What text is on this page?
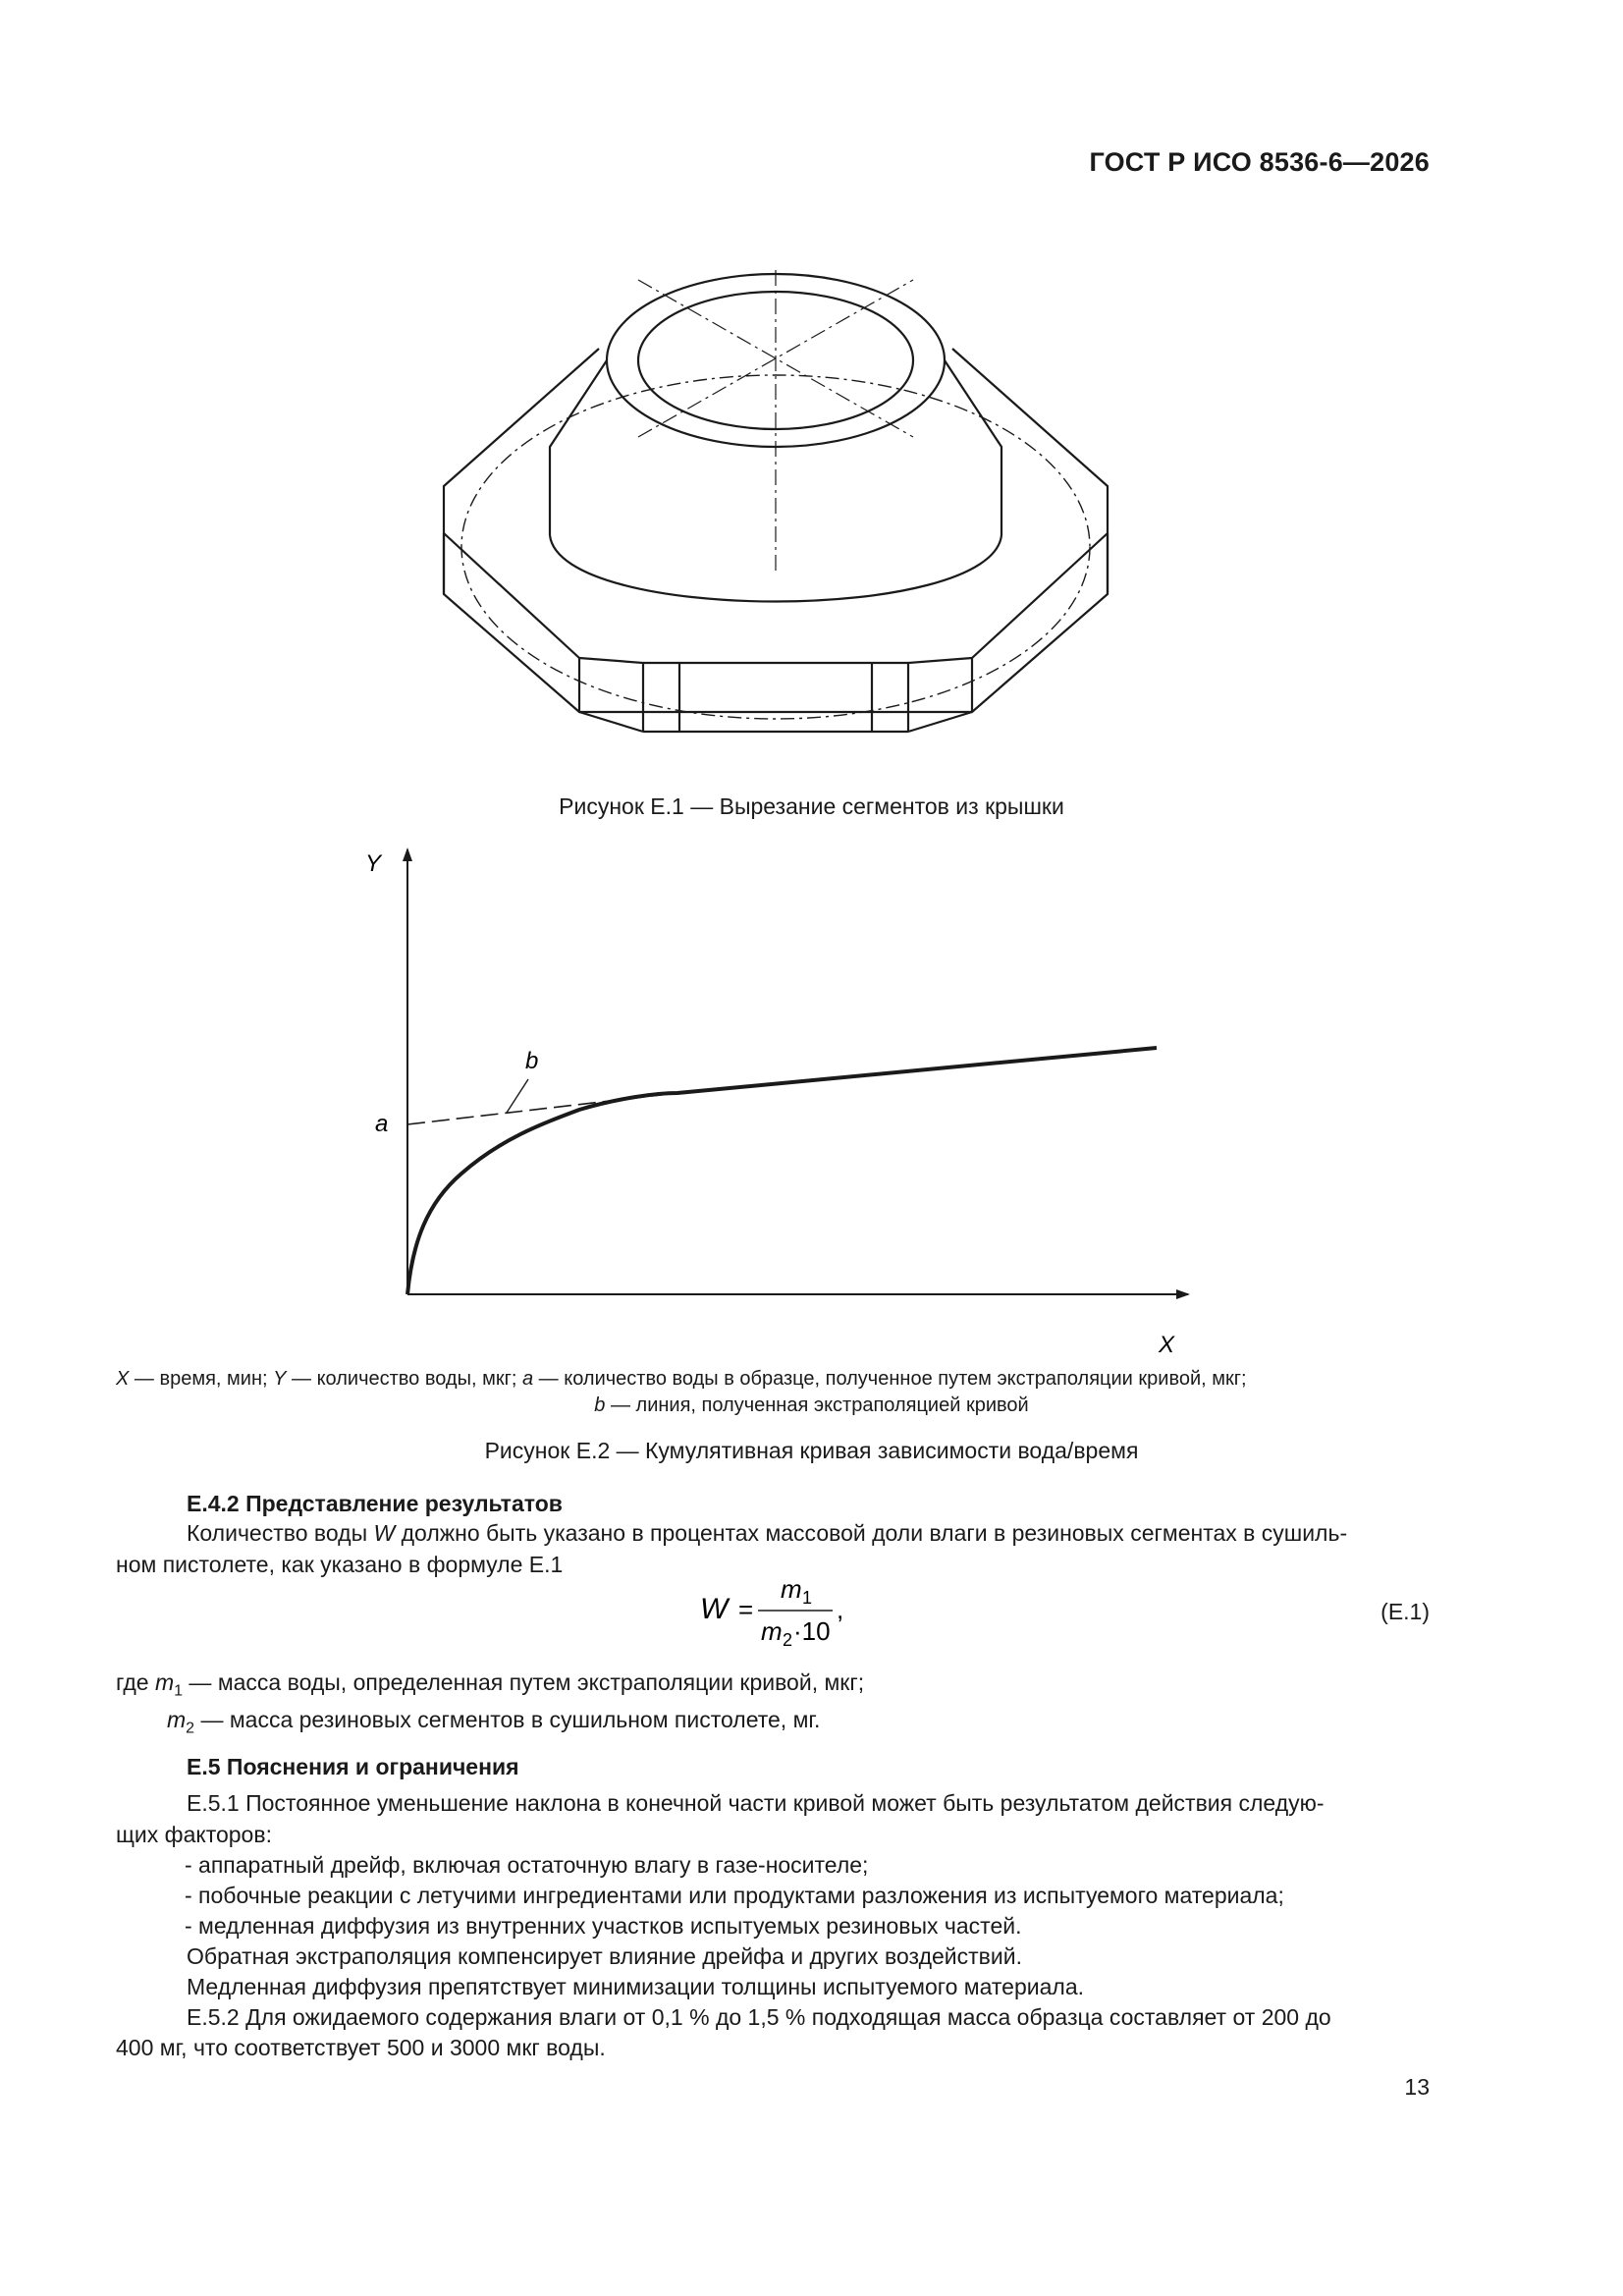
ГОСТ Р ИСО 8536-6—2026
Рисунок Е.1 — Вырезание сегментов из крышки
Y
X
a
b
X — время, мин; Y — количество воды, мкг; a — количество воды в образце, полученное путем экстраполяции кривой, мкг;
b — линия, полученная экстраполяцией кривой
Рисунок Е.2 — Кумулятивная кривая зависимости вода/время
Е.4.2 Представление результатов
Количество воды W должно быть указано в процентах массовой доли влаги в резиновых сегментах в сушиль-
ном пистолете, как указано в формуле Е.1
W =
m 1
m 2 ·10
,	(Е.1)
где $m_1$ — масса воды, определенная путем экстраполяции кривой, мкг;
$m_2$ — масса резиновых сегментов в сушильном пистолете, мг.
Е.5 Пояснения и ограничения
Е.5.1 Постоянное уменьшение наклона в конечной части кривой может быть результатом действия следую-
щих факторов:
- аппаратный дрейф, включая остаточную влагу в газе-носителе;
- побочные реакции с летучими ингредиентами или продуктами разложения из испытуемого материала;
- медленная диффузия из внутренних участков испытуемых резиновых частей.
Обратная экстраполяция компенсирует влияние дрейфа и других воздействий.
Медленная диффузия препятствует минимизации толщины испытуемого материала.
Е.5.2 Для ожидаемого содержания влаги от 0,1 % до 1,5 % подходящая масса образца составляет от 200 до
400 мг, что соответствует 500 и 3000 мкг воды.
13
